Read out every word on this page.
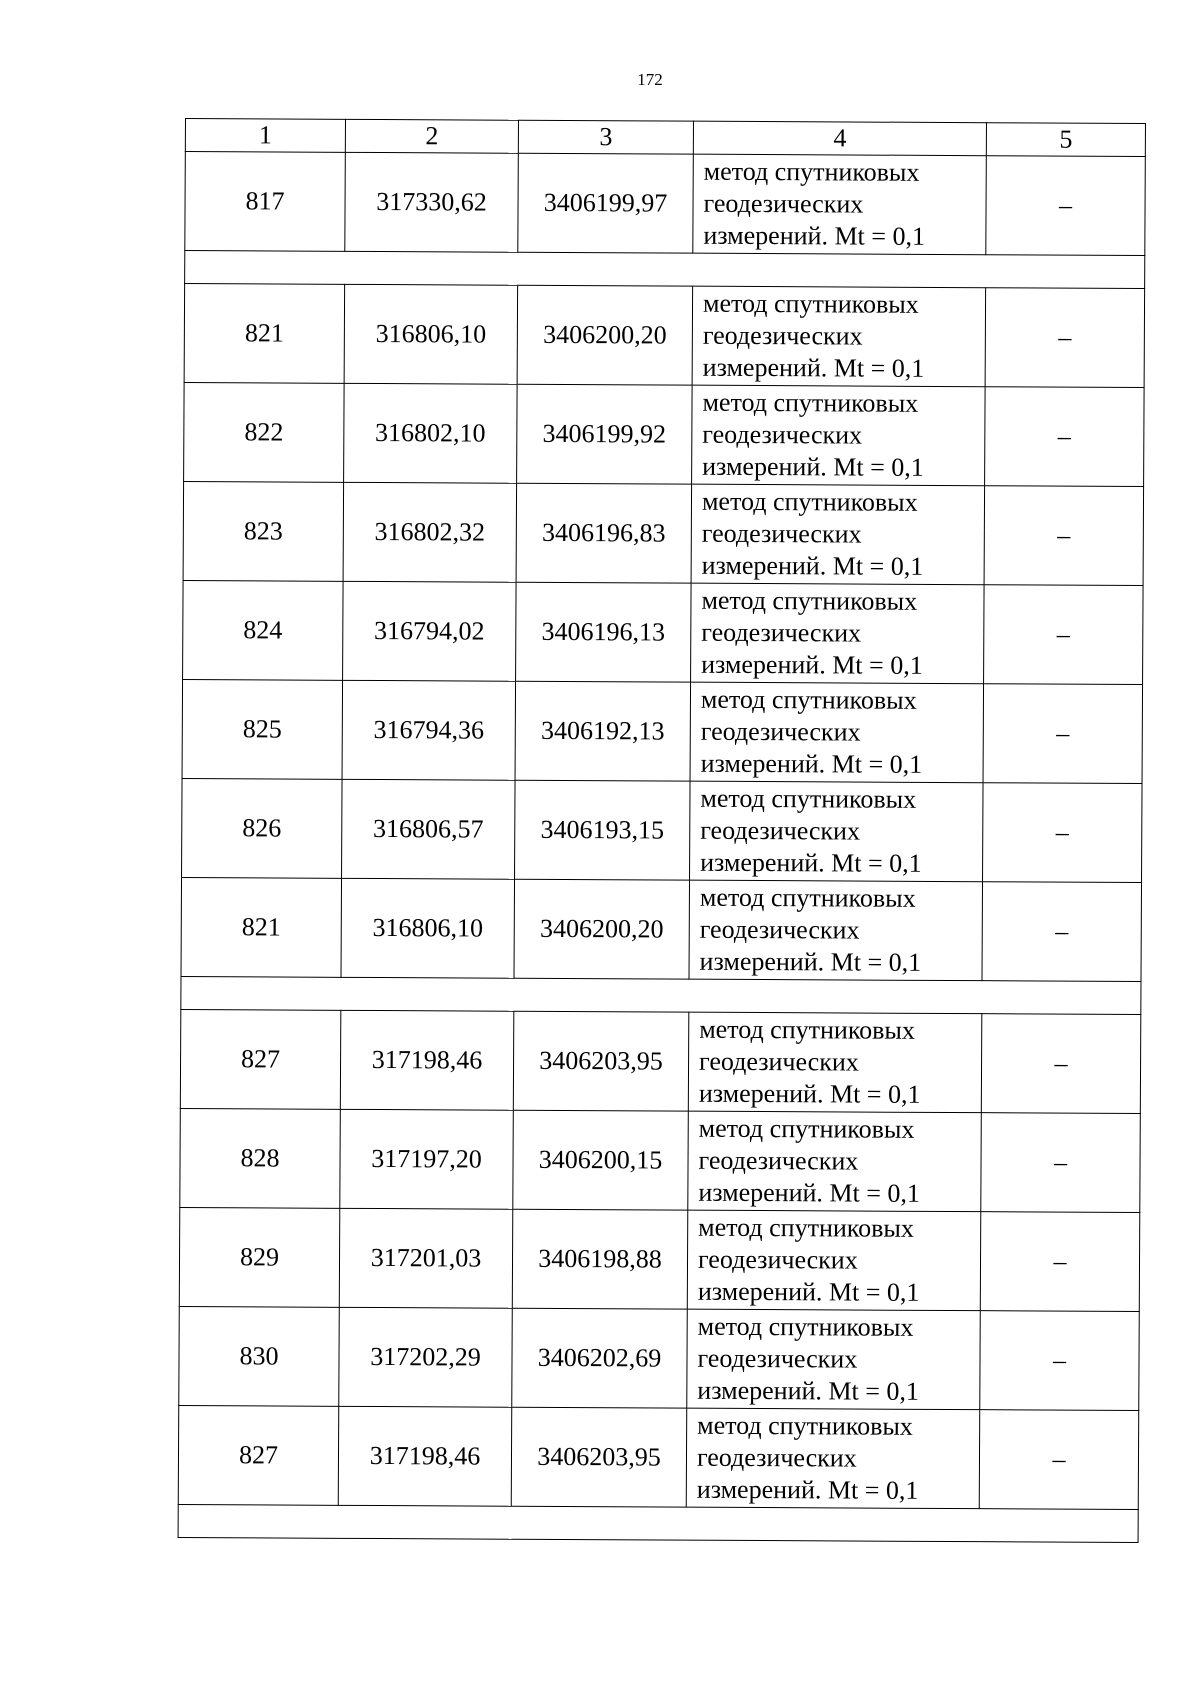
172
1	2	3	4	5
817	317330,62	3406199,97	метод спутниковых
геодезических
измерений. Mt = 0,1	–

821	316806,10	3406200,20	метод спутниковых
геодезических
измерений. Mt = 0,1	–
822	316802,10	3406199,92	метод спутниковых
геодезических
измерений. Mt = 0,1	–
823	316802,32	3406196,83	метод спутниковых
геодезических
измерений. Mt = 0,1	–
824	316794,02	3406196,13	метод спутниковых
геодезических
измерений. Mt = 0,1	–
825	316794,36	3406192,13	метод спутниковых
геодезических
измерений. Mt = 0,1	–
826	316806,57	3406193,15	метод спутниковых
геодезических
измерений. Mt = 0,1	–
821	316806,10	3406200,20	метод спутниковых
геодезических
измерений. Mt = 0,1	–

827	317198,46	3406203,95	метод спутниковых
геодезических
измерений. Mt = 0,1	–
828	317197,20	3406200,15	метод спутниковых
геодезических
измерений. Mt = 0,1	–
829	317201,03	3406198,88	метод спутниковых
геодезических
измерений. Mt = 0,1	–
830	317202,29	3406202,69	метод спутниковых
геодезических
измерений. Mt = 0,1	–
827	317198,46	3406203,95	метод спутниковых
геодезических
измерений. Mt = 0,1	–
